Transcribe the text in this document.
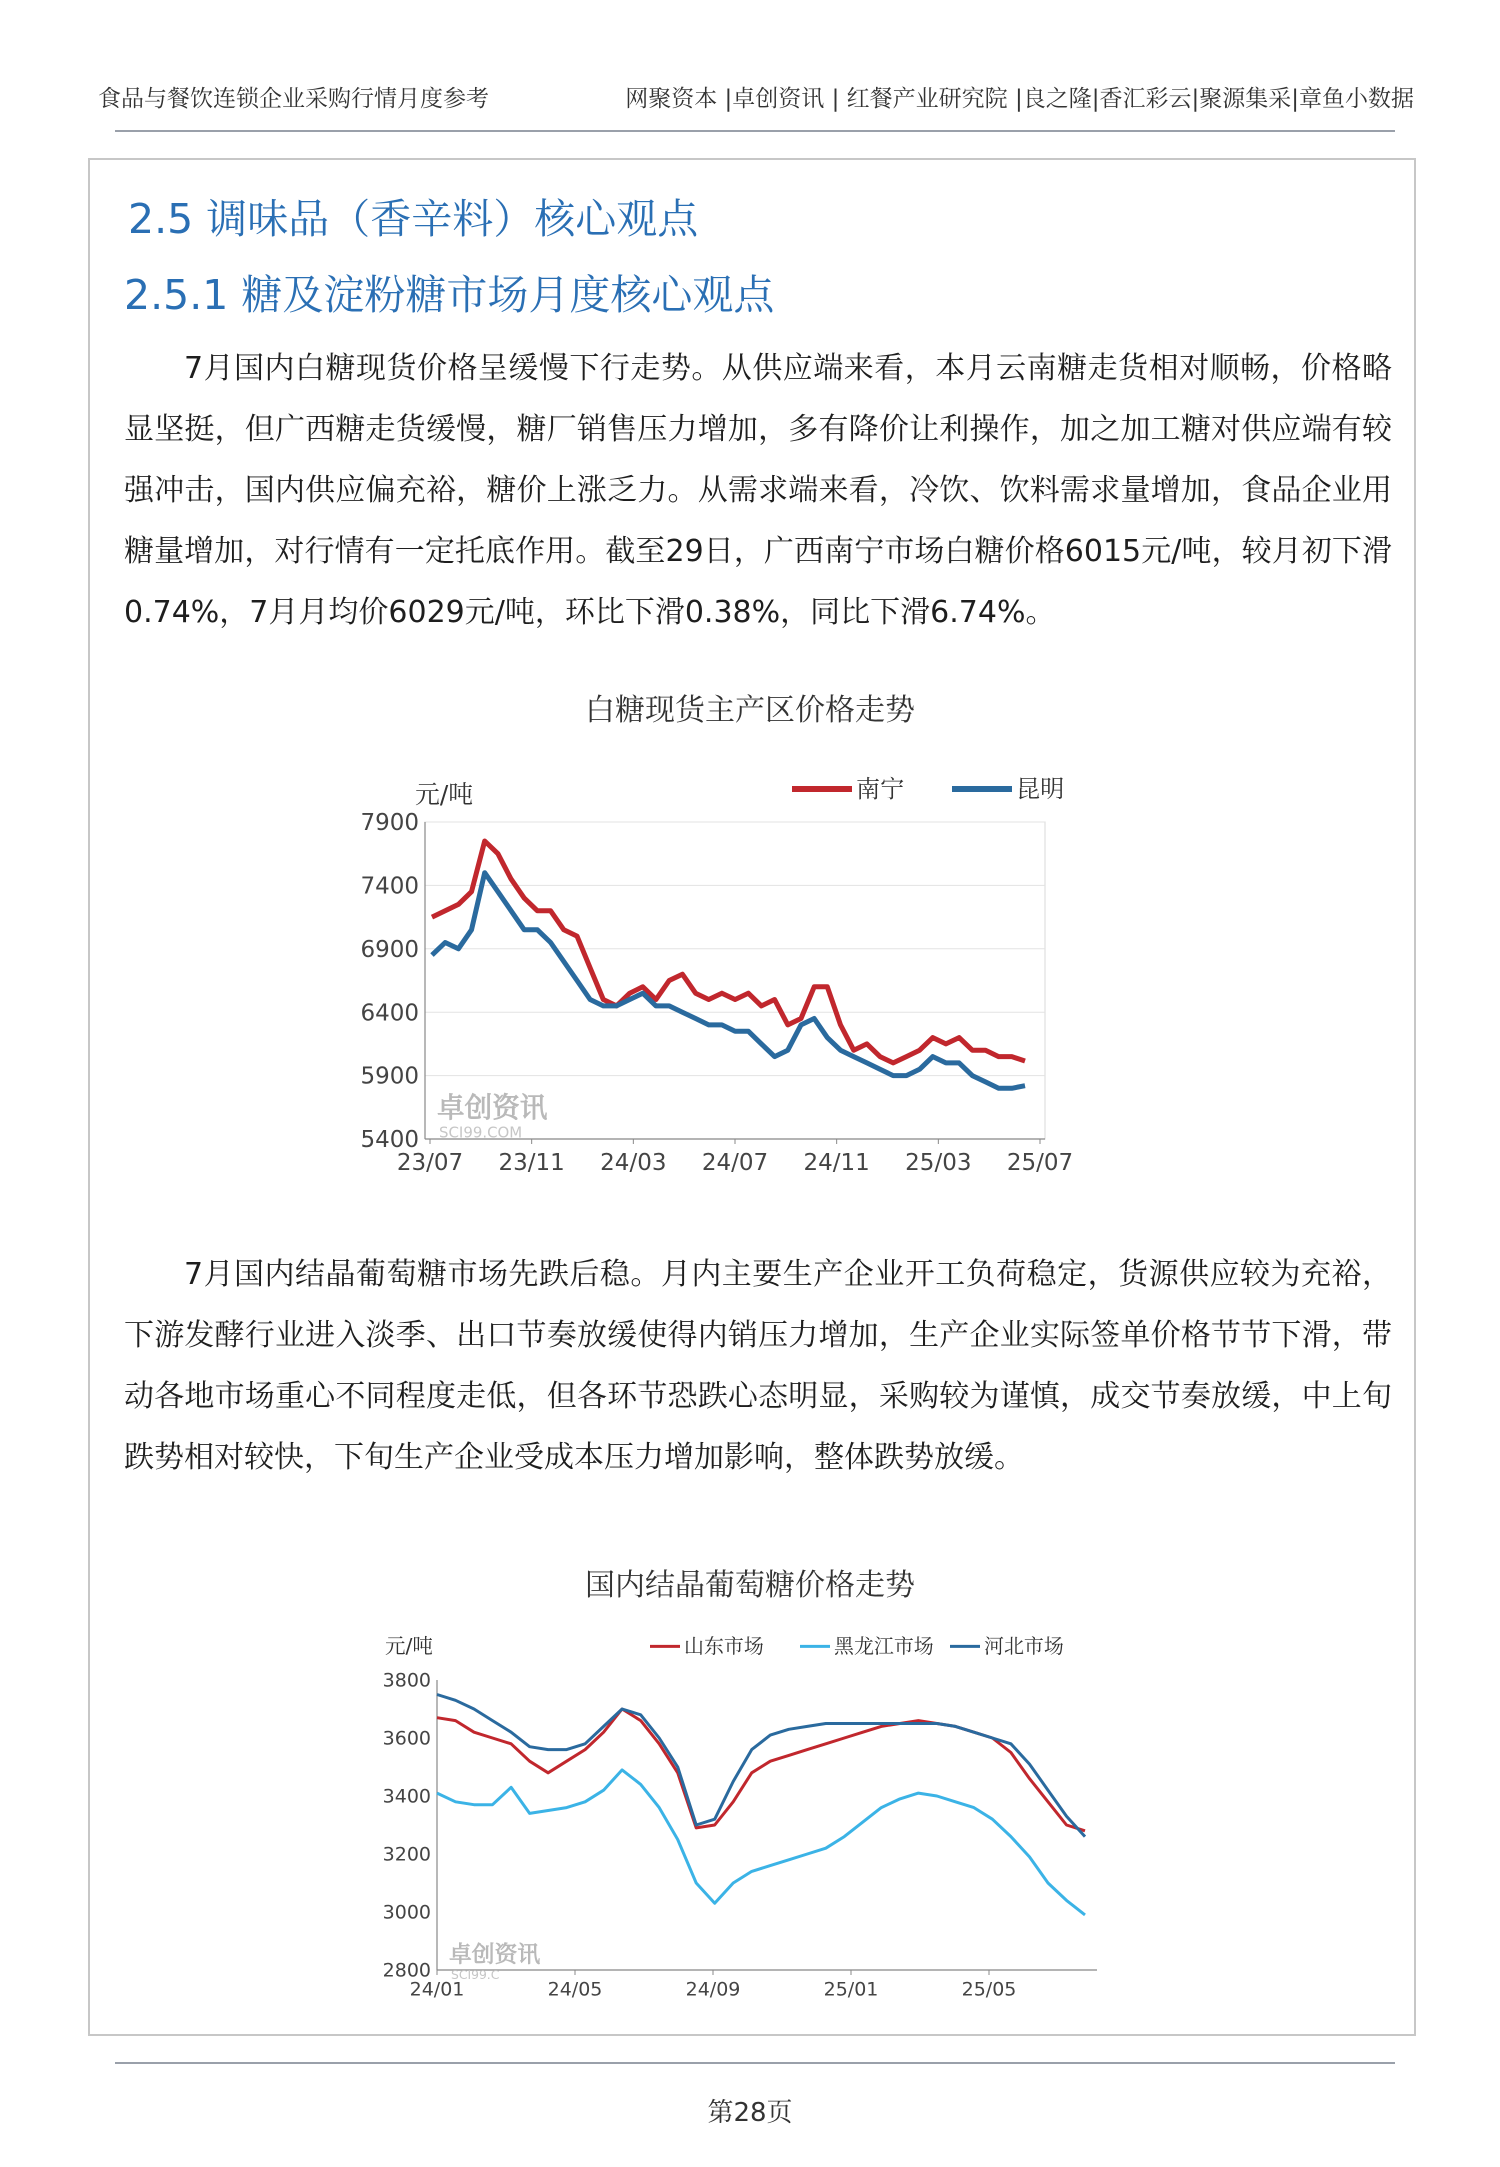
食品与餐饮连锁企业采购行情月度参考	网聚资本 |卓创资讯 | 红餐产业研究院 |良之隆|香汇彩云|聚源集采|章鱼小数据
2.5 调味品（香辛料）核心观点
2.5.1 糖及淀粉糖市场月度核心观点

7月国内白糖现货价格呈缓慢下行走势。从供应端来看，本月云南糖走货相对顺畅，价格略显坚挺，但广西糖走货缓慢，糖厂销售压力增加，多有降价让利操作，加之加工糖对供应端有较强冲击，国内供应偏充裕，糖价上涨乏力。从需求端来看，冷饮、饮料需求量增加，食品企业用糖量增加，对行情有一定托底作用。截至29日，广西南宁市场白糖价格6015元/吨，较月初下滑0.74%，7月月均价6029元/吨，环比下滑0.38%，同比下滑6.74%。

白糖现货主产区价格走势
7900
7400
6900
6400
5900
5400
23/07 23/11 24/03 24/07 24/11 25/03 25/07
元/吨
卓创资讯
SCI99.COM
南宁	昆明

7月国内结晶葡萄糖市场先跌后稳。月内主要生产企业开工负荷稳定，货源供应较为充裕，下游发酵行业进入淡季、出口节奏放缓使得内销压力增加，生产企业实际签单价格节节下滑，带动各地市场重心不同程度走低，但各环节恐跌心态明显，采购较为谨慎，成交节奏放缓，中上旬跌势相对较快，下旬生产企业受成本压力增加影响，整体跌势放缓。

国内结晶葡萄糖价格走势
3800
3600
3400
3200
3000
2800
24/01	24/05	24/09	25/01	25/05
元/吨
卓创资讯
SCI99.C
山东市场	黑龙江市场	河北市场
第28页
